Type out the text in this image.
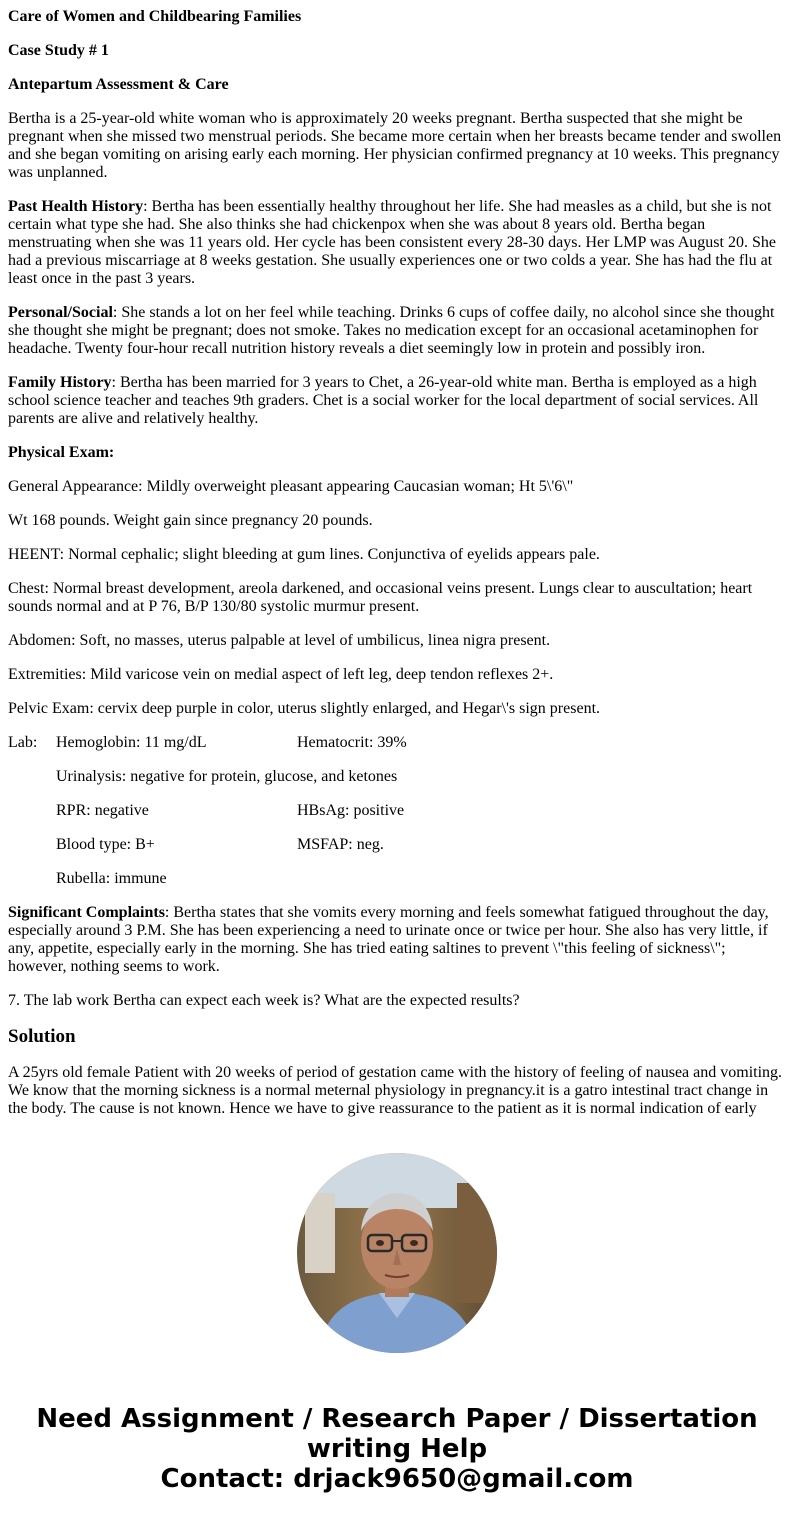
Care of Women and Childbearing Families

Case Study # 1

Antepartum Assessment & Care

Bertha is a 25-year-old white woman who is approximately 20 weeks pregnant. Bertha suspected that she might be pregnant when she missed two menstrual periods. She became more certain when her breasts became tender and swollen and she began vomiting on arising early each morning. Her physician confirmed pregnancy at 10 weeks. This pregnancy was unplanned.

Past Health History: Bertha has been essentially healthy throughout her life. She had measles as a child, but she is not certain what type she had. She also thinks she had chickenpox when she was about 8 years old. Bertha began menstruating when she was 11 years old. Her cycle has been consistent every 28-30 days. Her LMP was August 20. She had a previous miscarriage at 8 weeks gestation. She usually experiences one or two colds a year. She has had the flu at least once in the past 3 years.

Personal/Social: She stands a lot on her feel while teaching. Drinks 6 cups of coffee daily, no alcohol since she thought she thought she might be pregnant; does not smoke. Takes no medication except for an occasional acetaminophen for headache. Twenty four-hour recall nutrition history reveals a diet seemingly low in protein and possibly iron.

Family History: Bertha has been married for 3 years to Chet, a 26-year-old white man. Bertha is employed as a high school science teacher and teaches 9th graders. Chet is a social worker for the local department of social services. All parents are alive and relatively healthy.

Physical Exam:

General Appearance: Mildly overweight pleasant appearing Caucasian woman; Ht 5\'6\"

Wt 168 pounds. Weight gain since pregnancy 20 pounds.

HEENT: Normal cephalic; slight bleeding at gum lines. Conjunctiva of eyelids appears pale.

Chest: Normal breast development, areola darkened, and occasional veins present. Lungs clear to auscultation; heart sounds normal and at P 76, B/P 130/80 systolic murmur present.

Abdomen: Soft, no masses, uterus palpable at level of umbilicus, linea nigra present.

Extremities: Mild varicose vein on medial aspect of left leg, deep tendon reflexes 2+.

Pelvic Exam: cervix deep purple in color, uterus slightly enlarged, and Hegar\'s sign present.

Lab:	Hemoglobin: 11 mg/dL	Hematocrit: 39%
Urinalysis: negative for protein, glucose, and ketones
RPR: negative	HBsAg: positive
Blood type: B+	MSFAP: neg.
Rubella: immune

Significant Complaints: Bertha states that she vomits every morning and feels somewhat fatigued throughout the day, especially around 3 P.M. She has been experiencing a need to urinate once or twice per hour. She also has very little, if any, appetite, especially early in the morning. She has tried eating saltines to prevent \"this feeling of sickness\"; however, nothing seems to work.

7. The lab work Bertha can expect each week is? What are the expected results?

Solution

A 25yrs old female Patient with 20 weeks of period of gestation came with the history of feeling of nausea and vomiting. We know that the morning sickness is a normal meternal physiology in pregnancy.it is a gatro intestinal tract change in the body. The cause is not known. Hence we have to give reassurance to the patient as it is normal indication of early

Need Assignment / Research Paper / Dissertation
writing Help
Contact: drjack9650@gmail.com
